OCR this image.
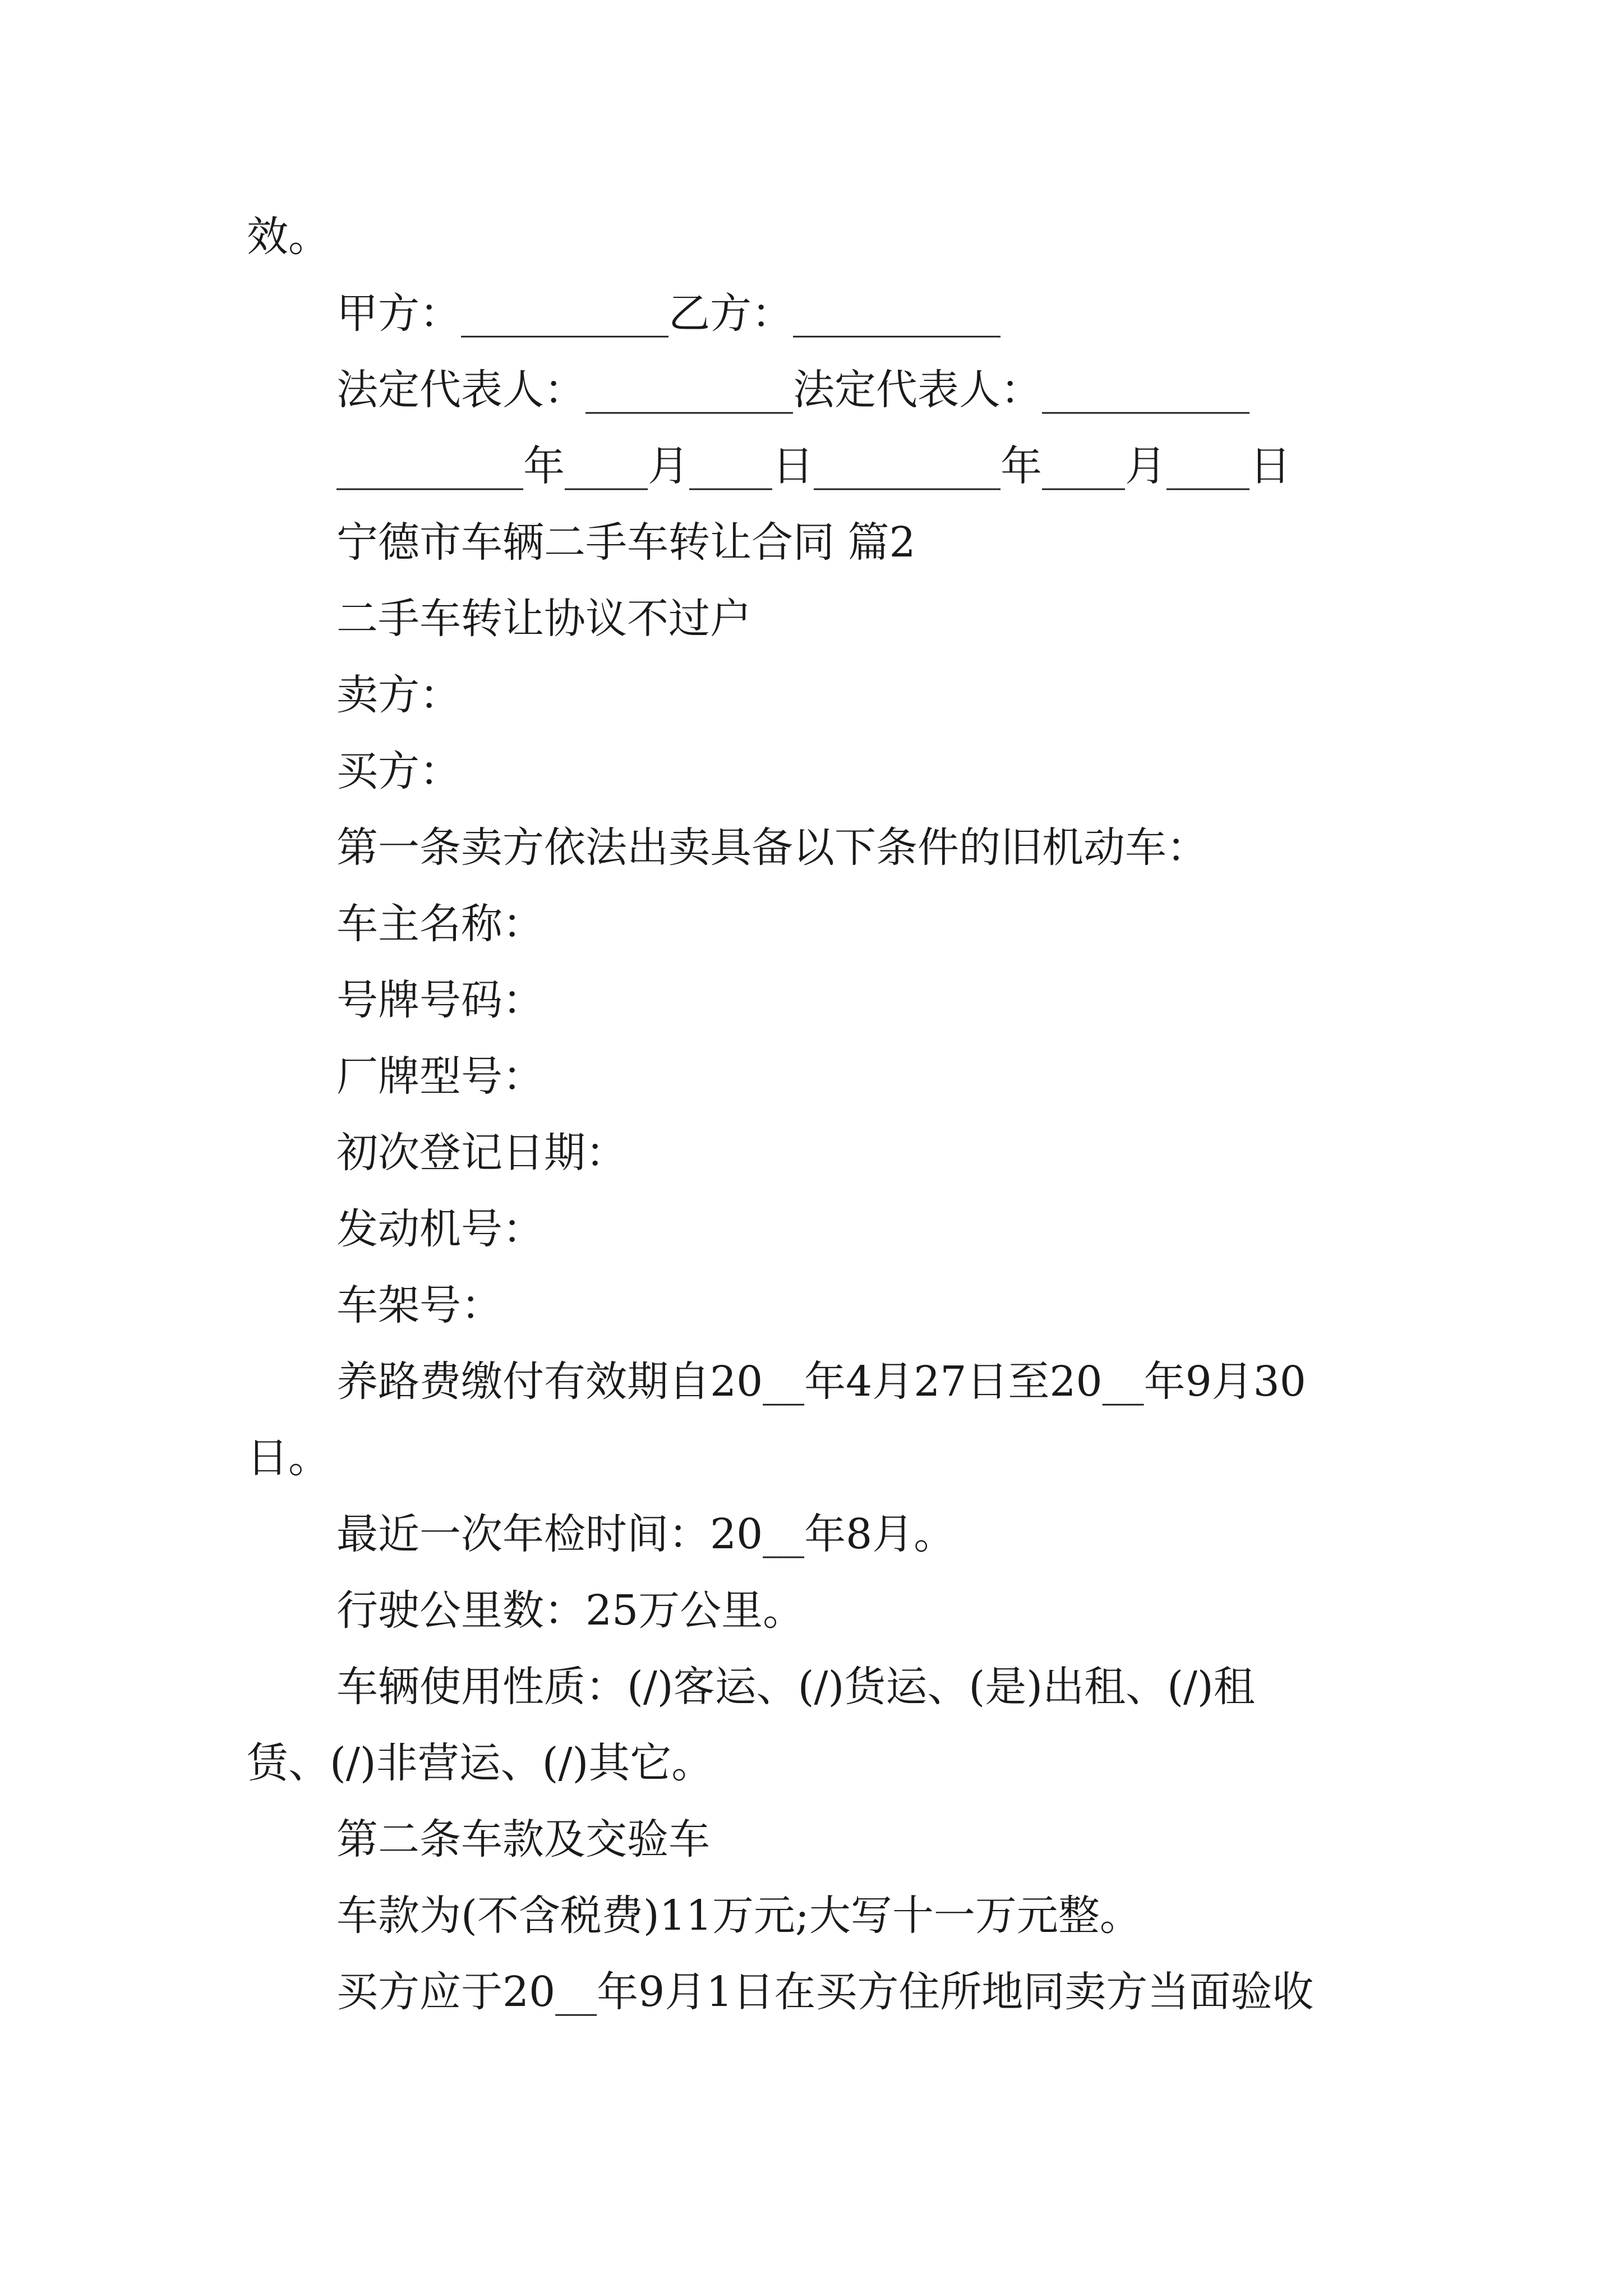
效。
甲方：__________乙方：__________
法定代表人：__________法定代表人：__________
_________年____月____日_________年____月____日
宁德市车辆二手车转让合同 篇2
二手车转让协议不过户
卖方：
买方：
第一条卖方依法出卖具备以下条件的旧机动车：
车主名称：
号牌号码：
厂牌型号：
初次登记日期：
发动机号：
车架号：
养路费缴付有效期自20__年4月27日至20__年9月30
日。
最近一次年检时间：20__年8月。
行驶公里数：25万公里。
车辆使用性质：(/)客运、(/)货运、(是)出租、(/)租
赁、(/)非营运、(/)其它。
第二条车款及交验车
车款为(不含税费)11万元;大写十一万元整。
买方应于20__年9月1日在买方住所地同卖方当面验收
